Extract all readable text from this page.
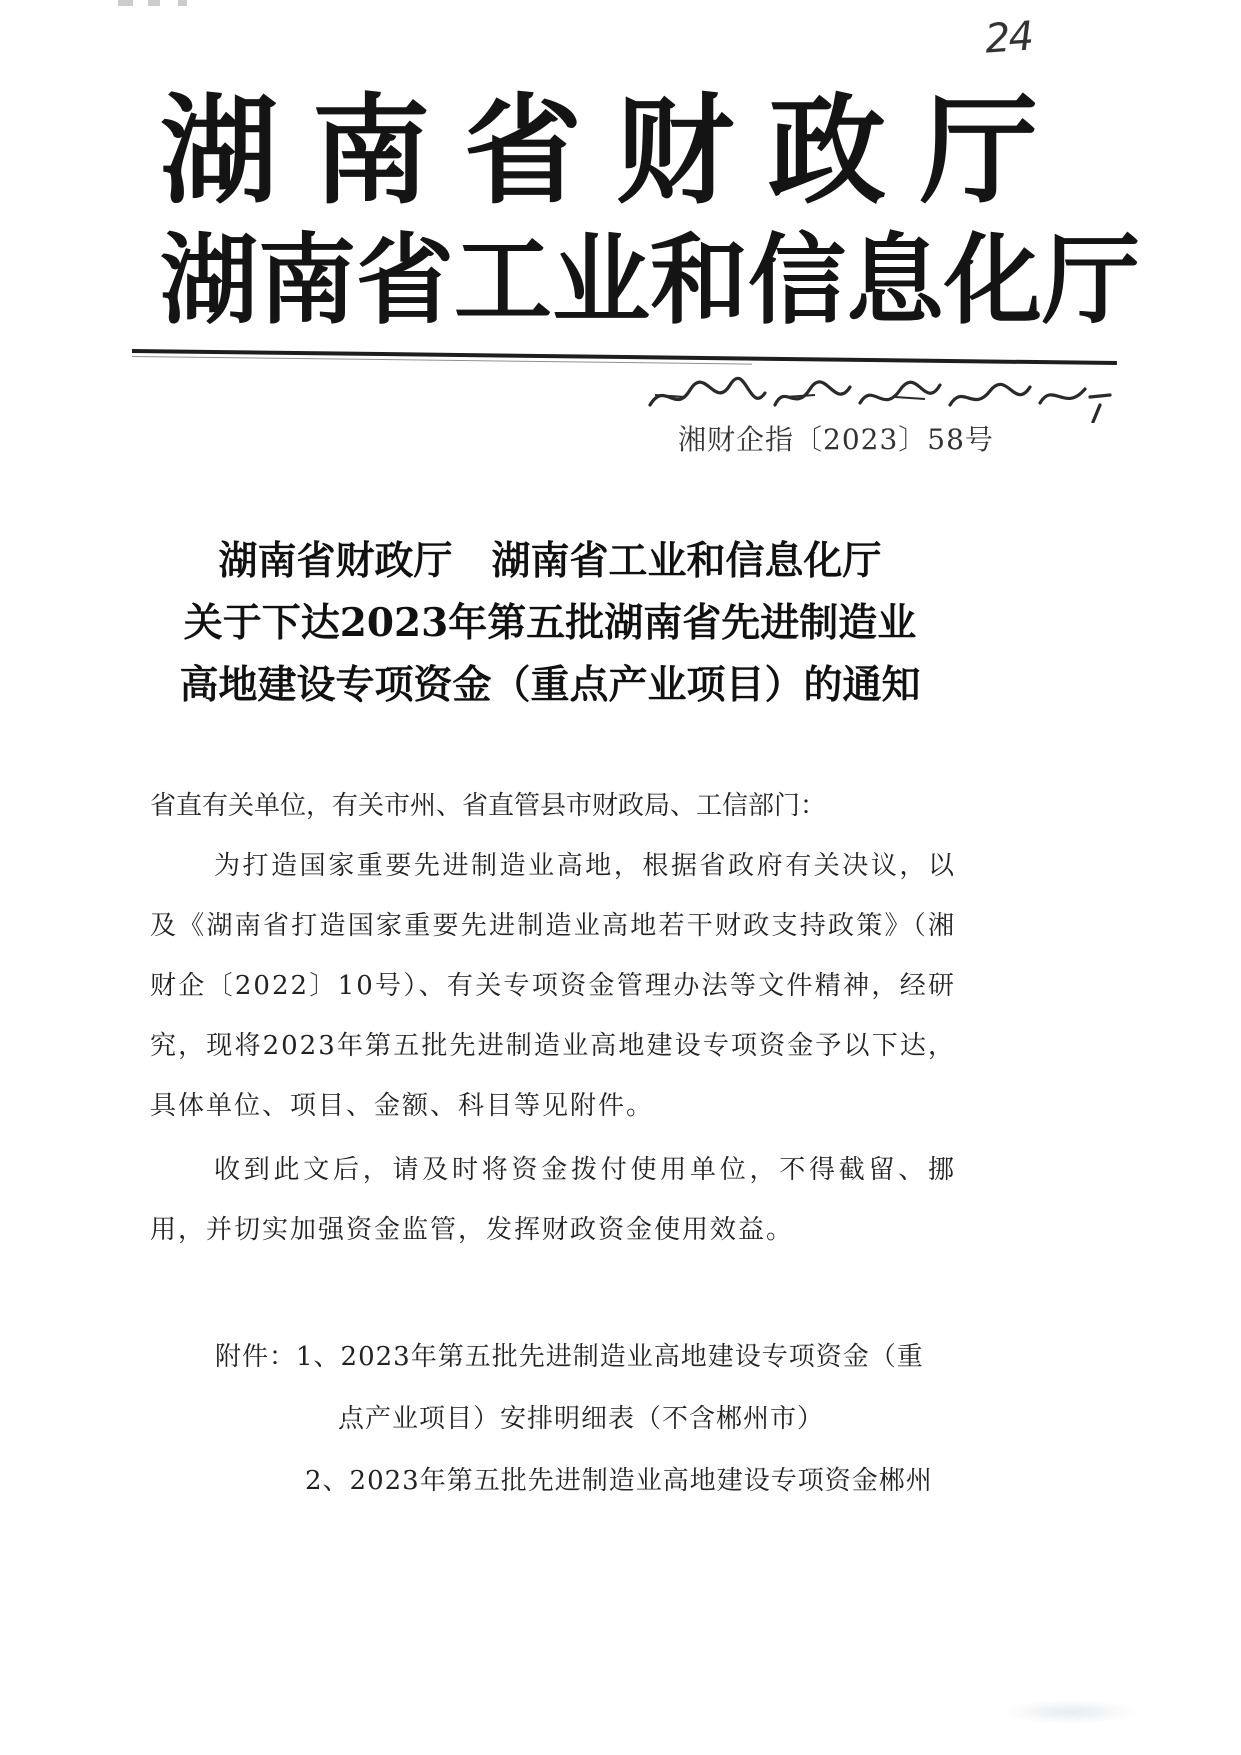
24
湖南省财政厅
湖南省工业和信息化厅
湘财企指〔2023〕58号
湖南省财政厅　湖南省工业和信息化厅
关于下达2023年第五批湖南省先进制造业
高地建设专项资金（重点产业项目）的通知
省直有关单位，有关市州、省直管县市财政局、工信部门：
为打造国家重要先进制造业高地，根据省政府有关决议，以及《湖南省打造国家重要先进制造业高地若干财政支持政策》（湘财企〔2022〕10号）、有关专项资金管理办法等文件精神，经研究，现将2023年第五批先进制造业高地建设专项资金予以下达，具体单位、项目、金额、科目等见附件。
收到此文后，请及时将资金拨付使用单位，不得截留、挪用，并切实加强资金监管，发挥财政资金使用效益。
附件：1、2023年第五批先进制造业高地建设专项资金（重
点产业项目）安排明细表（不含郴州市）
2、2023年第五批先进制造业高地建设专项资金郴州
